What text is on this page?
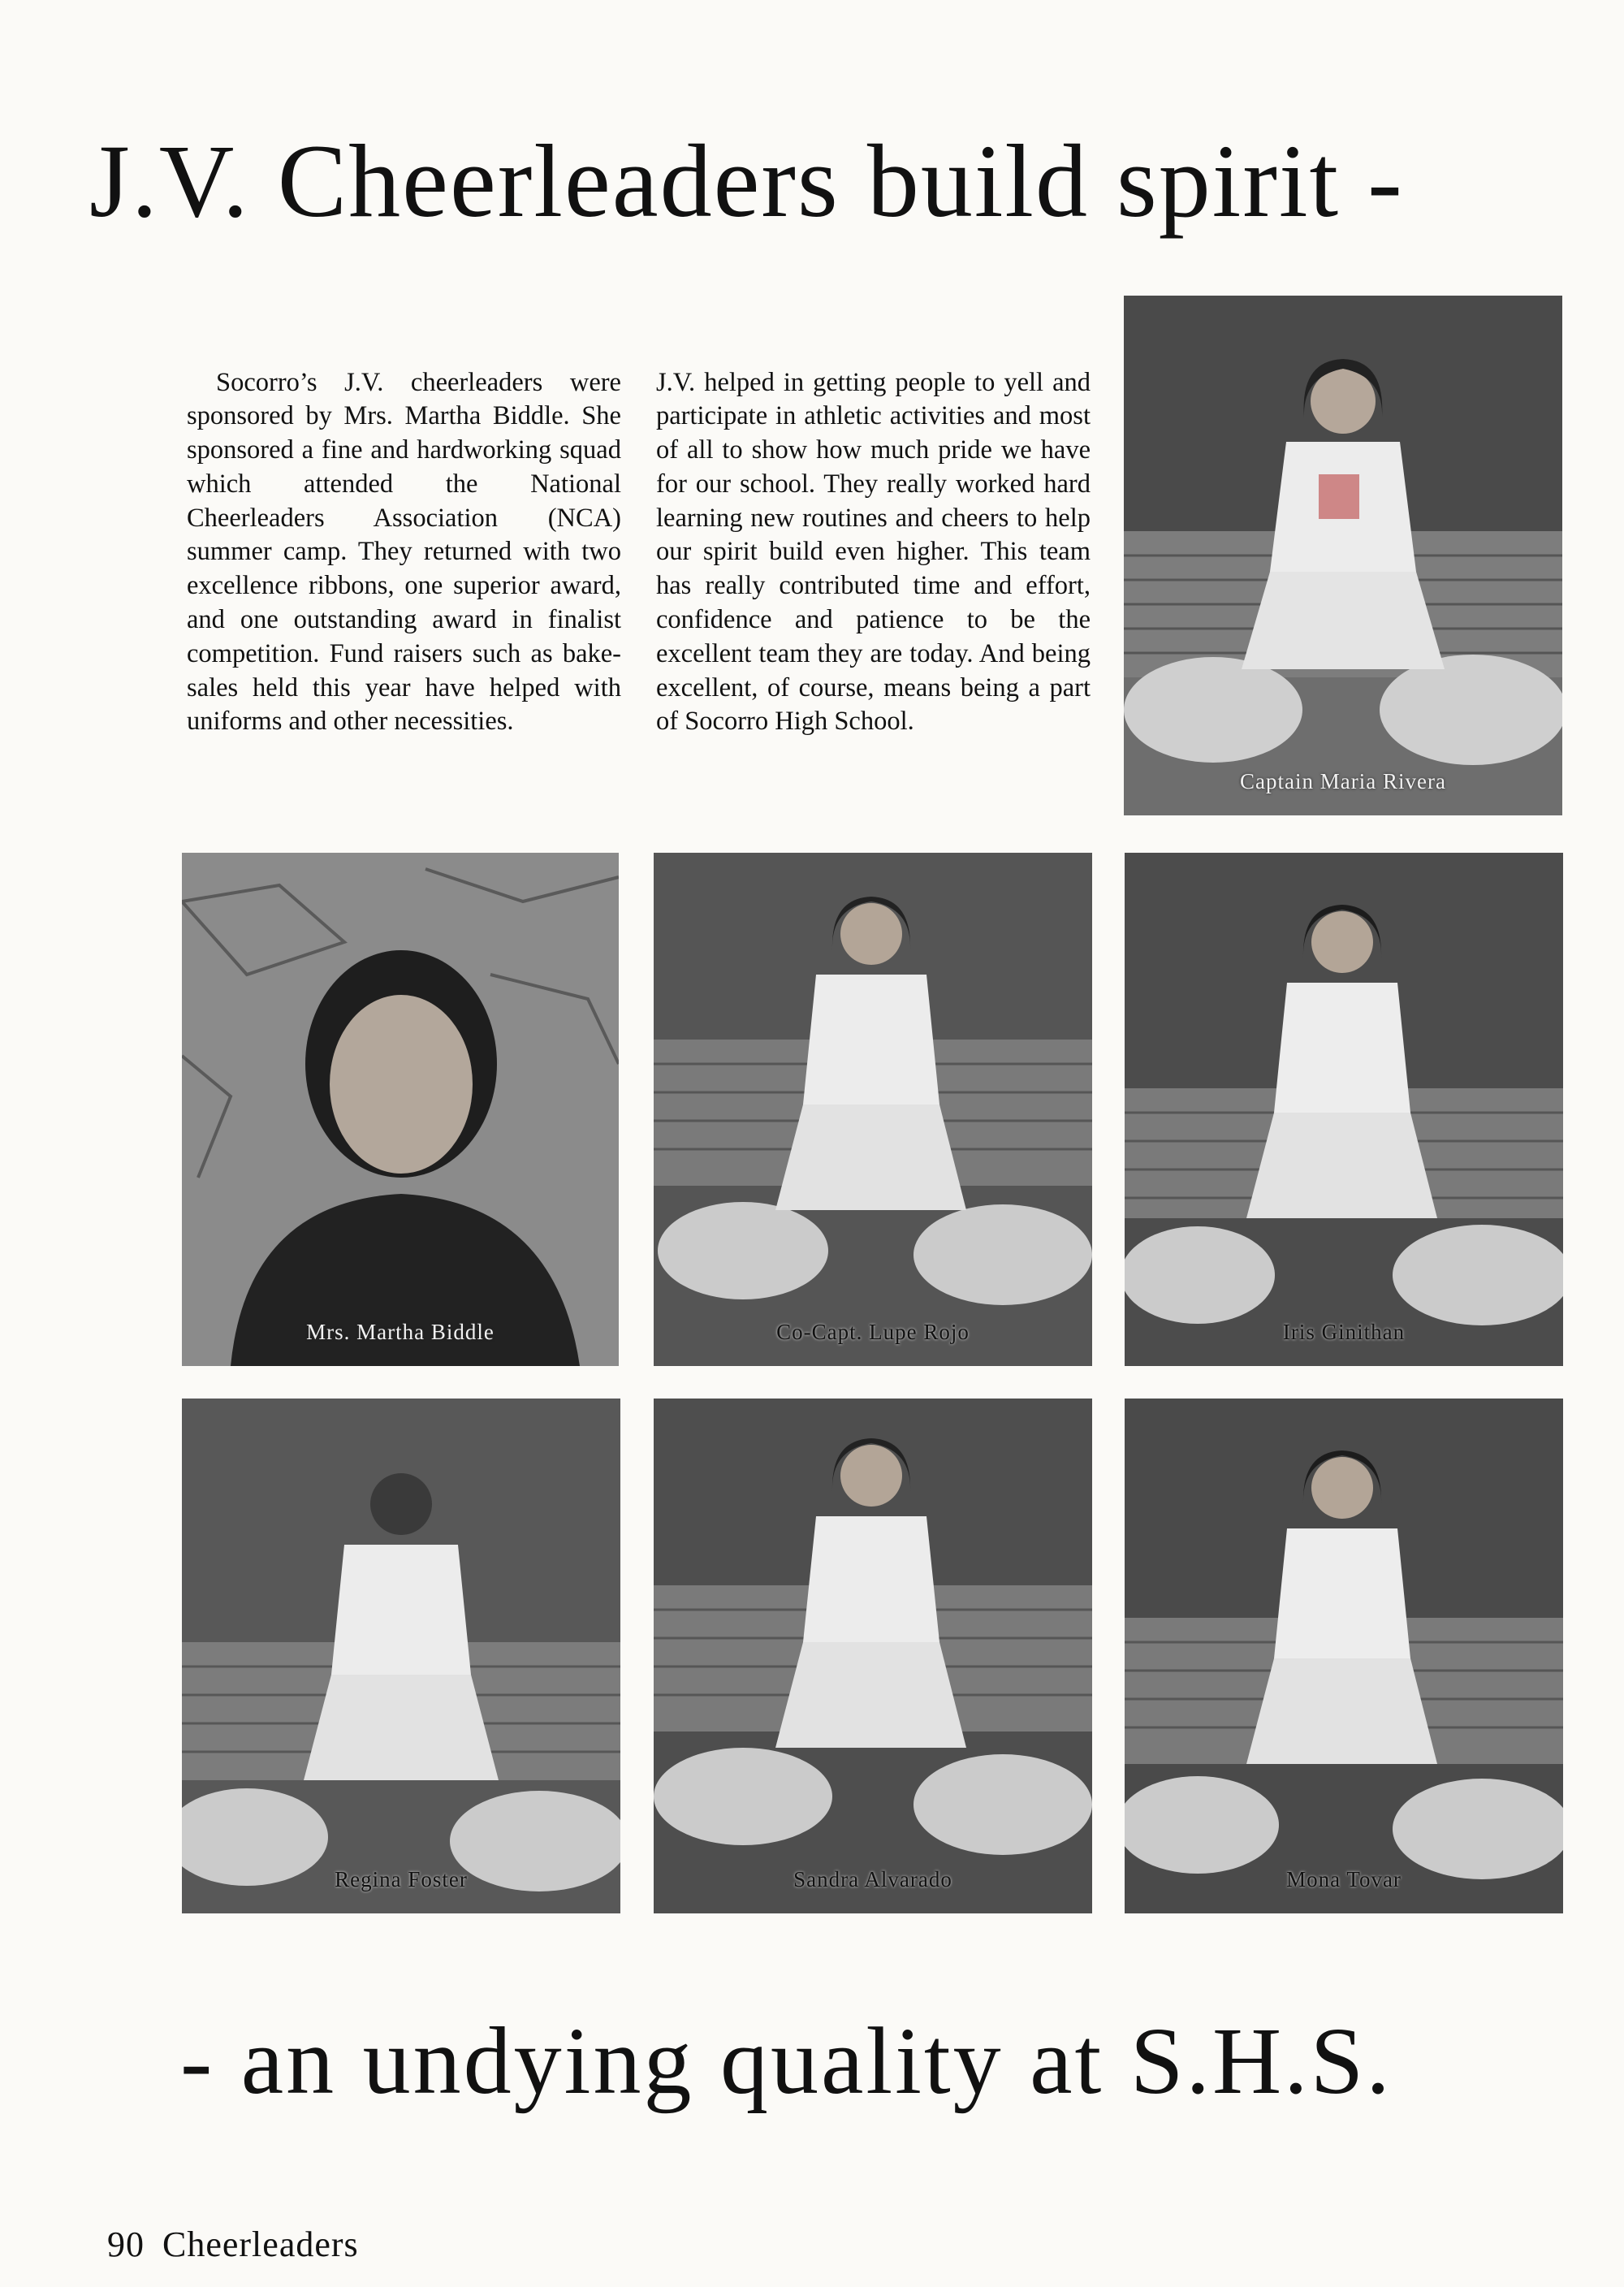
J.V. Cheerleaders build spirit -

Socorro’s J.V. cheerleaders were sponsored by Mrs. Martha Biddle. She sponsored a fine and hardworking squad which attended the National Cheerleaders Association (NCA) summer camp. They returned with two excellence ribbons, one superior award, and one outstanding award in finalist competition. Fund raisers such as bake-sales held this year have helped with uniforms and other necessities.

J.V. helped in getting people to yell and participate in athletic activities and most of all to show how much pride we have for our school. They really worked hard learning new routines and cheers to help our spirit build even higher. This team has really contributed time and effort, confidence and patience to be the excellent team they are today. And being excellent, of course, means being a part of Socorro High School.

Captain Maria Rivera
Mrs. Martha Biddle	Co-Capt. Lupe Rojo	Iris Ginithan
Regina Foster	Sandra Alvarado	Mona Tovar
- an undying quality at S.H.S.
90 Cheerleaders
